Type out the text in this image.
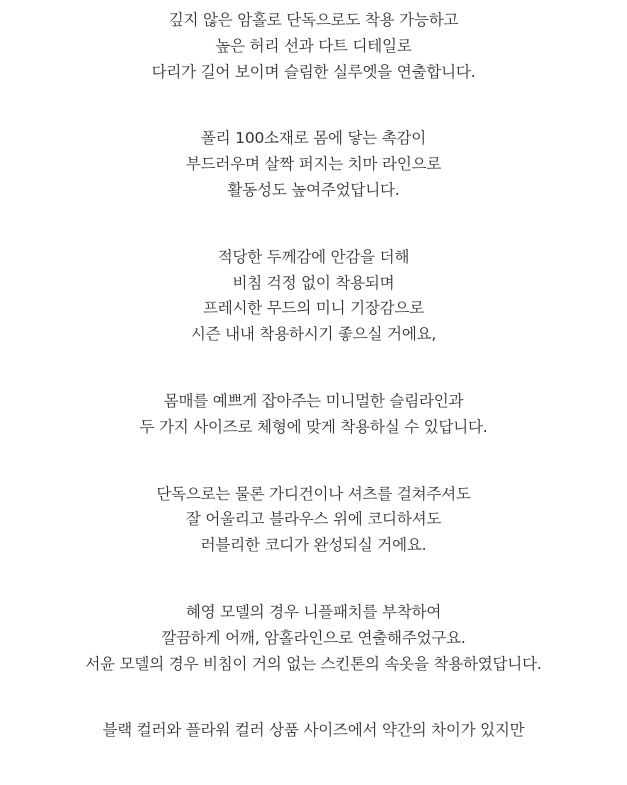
깊지 않은 암홀로 단독으로도 착용 가능하고
높은 허리 선과 다트 디테일로
다리가 길어 보이며 슬림한 실루엣을 연출합니다.
폴리 100소재로 몸에 닿는 촉감이
부드러우며 살짝 퍼지는 치마 라인으로
활동성도 높여주었답니다.
적당한 두께감에 안감을 더해
비침 걱정 없이 착용되며
프레시한 무드의 미니 기장감으로
시즌 내내 착용하시기 좋으실 거에요,
몸매를 예쁘게 잡아주는 미니멀한 슬림라인과
두 가지 사이즈로 체형에 맞게 착용하실 수 있답니다.
단독으로는 물론 가디건이나 셔츠를 걸쳐주셔도
잘 어울리고 블라우스 위에 코디하셔도
러블리한 코디가 완성되실 거에요.
혜영 모델의 경우 니플패치를 부착하여
깔끔하게 어깨, 암홀라인으로 연출해주었구요.
서윤 모델의 경우 비침이 거의 없는 스킨톤의 속옷을 착용하였답니다.
블랙 컬러와 플라워 컬러 상품 사이즈에서 약간의 차이가 있지만
